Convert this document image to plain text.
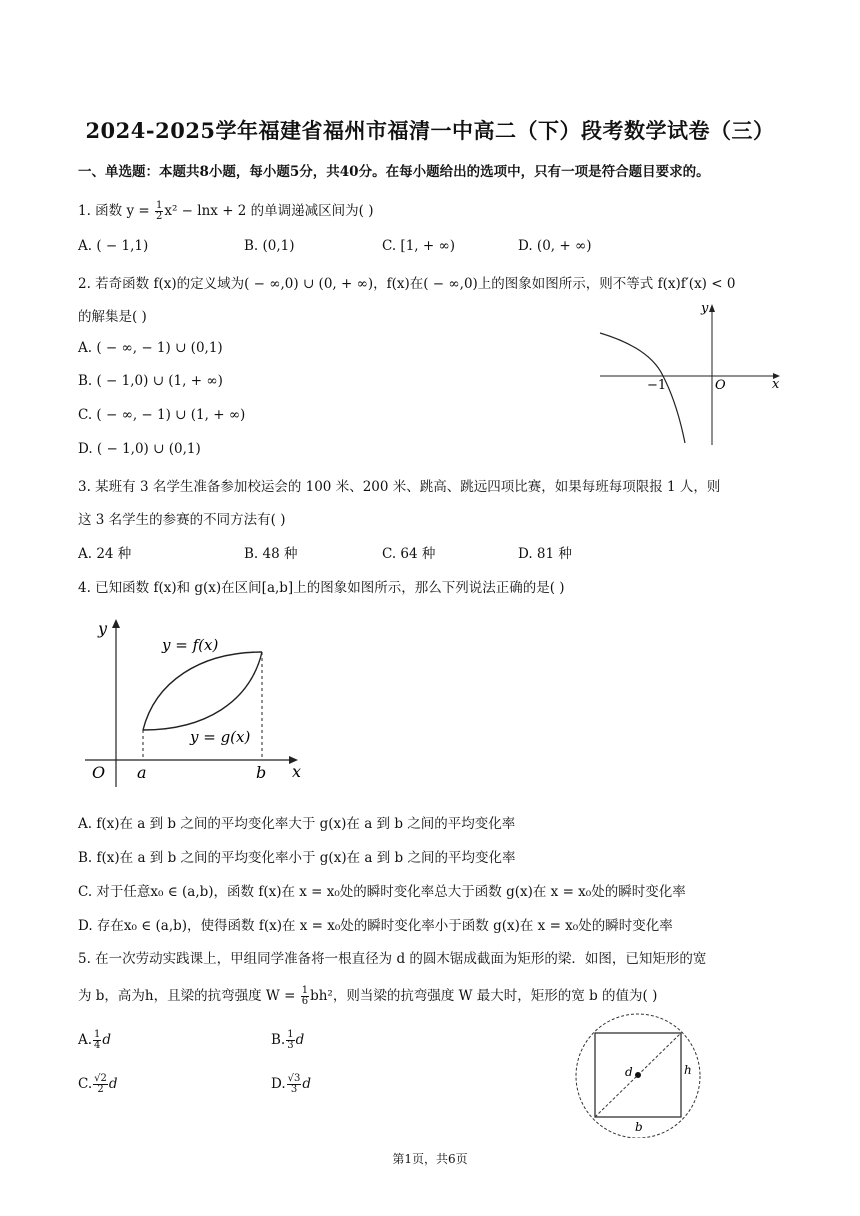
2024-2025学年福建省福州市福清一中高二（下）段考数学试卷（三）
一、单选题：本题共8小题，每小题5分，共40分。在每小题给出的选项中，只有一项是符合题目要求的。
1. 函数 $y = \frac{1}{2} x^2 - \ln x + 2$ 的单调递减区间为( )
A. ( − 1,1)	B. (0,1)	C. [1, + ∞)	D. (0, + ∞)
2. 若奇函数 f(x)的定义域为( − ∞,0) ∪ (0, + ∞)，f(x)在( − ∞,0)上的图象如图所示，则不等式 f(x)f′(x) < 0
的解集是( )
A. ( − ∞, − 1) ∪ (0,1)
B. ( − 1,0) ∪ (1, + ∞)
C. ( − ∞, − 1) ∪ (1, + ∞)
D. ( − 1,0) ∪ (0,1)
y
x
O
−1
3. 某班有 3 名学生准备参加校运会的 100 米、200 米、跳高、跳远四项比赛，如果每班每项限报 1 人，则
这 3 名学生的参赛的不同方法有( )
A. 24 种	B. 48 种	C. 64 种	D. 81 种
4. 已知函数 f(x)和 g(x)在区间[a,b]上的图象如图所示，那么下列说法正确的是( )
y
x
O a	b
y = f(x)
y = g(x)
A. f(x)在 a 到 b 之间的平均变化率大于 g(x)在 a 到 b 之间的平均变化率
B. f(x)在 a 到 b 之间的平均变化率小于 g(x)在 a 到 b 之间的平均变化率
C. 对于任意x₀ ∈ (a,b)，函数 f(x)在 x = x₀处的瞬时变化率总大于函数 g(x)在 x = x₀处的瞬时变化率
D. 存在x₀ ∈ (a,b)，使得函数 f(x)在 x = x₀处的瞬时变化率小于函数 g(x)在 x = x₀处的瞬时变化率
5. 在一次劳动实践课上，甲组同学准备将一根直径为 d 的圆木锯成截面为矩形的梁．如图，已知矩形的宽
为 b，高为h，且梁的抗弯强度 $W = \frac{1}{6} bh^2$，则当梁的抗弯强度 W 最大时，矩形的宽 b 的值为( )
A. $\frac{1}{4}$ d	B. $\frac{1}{3}$ d
C. $\frac{√2}{2}$ d	D. $\frac{√3}{3}$ d
d	h
b
第1页，共6页
